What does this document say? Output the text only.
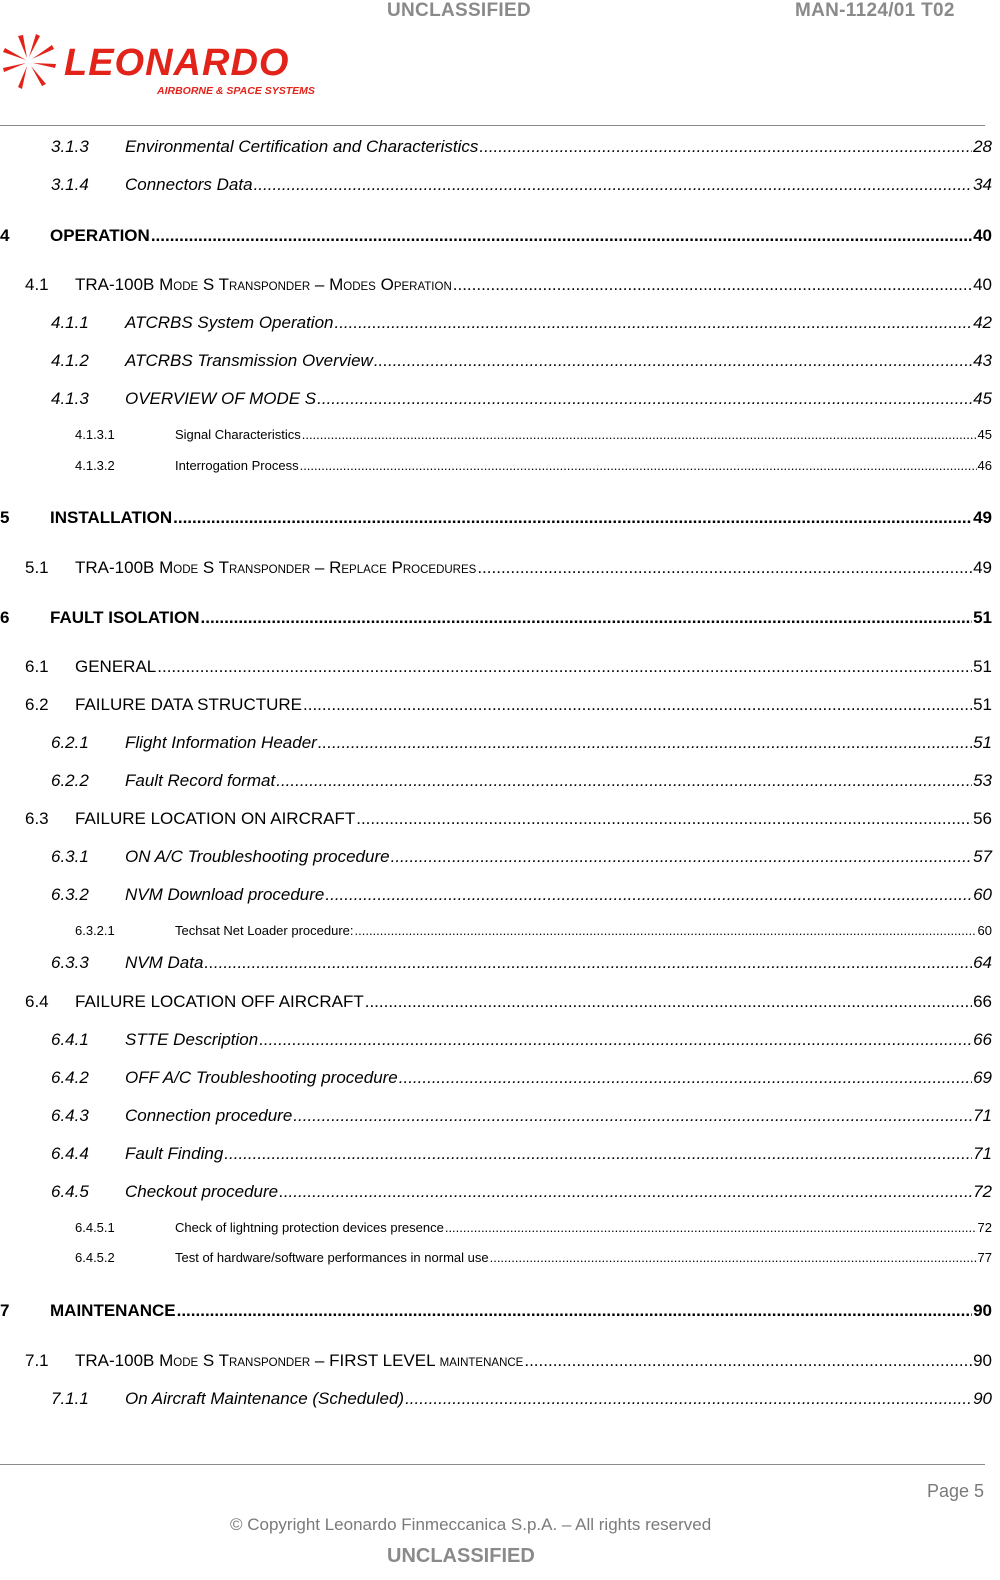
UNCLASSIFIED	MAN-1124/01 T02
LEONARDO
AIRBORNE & SPACE SYSTEMS
3.1.3	Environmental Certification and Characteristics .....	28
3.1.4	Connectors Data .....	34
4	OPERATION .....	40
4.1	TRA-100B MODE S TRANSPONDER – MODES OPERATION .....	40
4.1.1	ATCRBS System Operation .....	42
4.1.2	ATCRBS Transmission Overview .....	43
4.1.3	OVERVIEW OF MODE S .....	45
4.1.3.1	Signal Characteristics .....	45
4.1.3.2	Interrogation Process .....	46
5	INSTALLATION .....	49
5.1	TRA-100B MODE S TRANSPONDER – REPLACE PROCEDURES .....	49
6	FAULT ISOLATION .....	51
6.1	GENERAL .....	51
6.2	FAILURE DATA STRUCTURE .....	51
6.2.1	Flight Information Header .....	51
6.2.2	Fault Record format .....	53
6.3	FAILURE LOCATION ON AIRCRAFT .....	56
6.3.1	ON A/C Troubleshooting procedure .....	57
6.3.2	NVM Download procedure .....	60
6.3.2.1	Techsat Net Loader procedure: .....	60
6.3.3	NVM Data .....	64
6.4	FAILURE LOCATION OFF AIRCRAFT .....	66
6.4.1	STTE Description .....	66
6.4.2	OFF A/C Troubleshooting procedure .....	69
6.4.3	Connection procedure .....	71
6.4.4	Fault Finding .....	71
6.4.5	Checkout procedure .....	72
6.4.5.1	Check of lightning protection devices presence .....	72
6.4.5.2	Test of hardware/software performances in normal use .....	77
7	MAINTENANCE .....	90
7.1	TRA-100B MODE S TRANSPONDER – FIRST LEVEL MAINTENANCE .....	90
7.1.1	On Aircraft Maintenance (Scheduled) .....	90
Page 5
© Copyright Leonardo Finmeccanica S.p.A. – All rights reserved
UNCLASSIFIED
